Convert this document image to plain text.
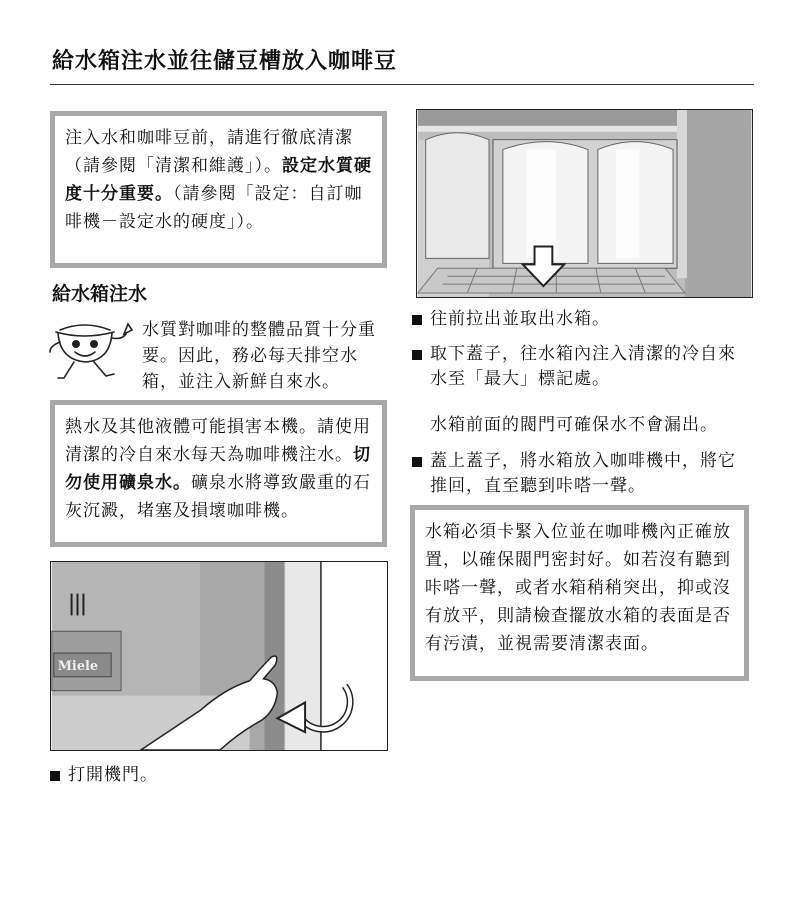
給水箱注水並往儲豆槽放入咖啡豆
注入水和咖啡豆前，請進行徹底清潔（請參閱「清潔和維護」）。設定水質硬度十分重要。（請參閱「設定：自訂咖啡機－設定水的硬度」）。
給水箱注水
水質對咖啡的整體品質十分重要。因此，務必每天排空水箱，並注入新鮮自來水。
熱水及其他液體可能損害本機。請使用清潔的冷自來水每天為咖啡機注水。切勿使用礦泉水。礦泉水將導致嚴重的石灰沉澱，堵塞及損壞咖啡機。
往前拉出並取出水箱。
取下蓋子，往水箱內注入清潔的冷自來水至「最大」標記處。
水箱前面的閥門可確保水不會漏出。
蓋上蓋子，將水箱放入咖啡機中，將它推回，直至聽到咔嗒一聲。
水箱必須卡緊入位並在咖啡機內正確放置，以確保閥門密封好。如若沒有聽到咔嗒一聲，或者水箱稍稍突出，抑或沒有放平，則請檢查擺放水箱的表面是否有污漬，並視需要清潔表面。
Miele
打開機門。
